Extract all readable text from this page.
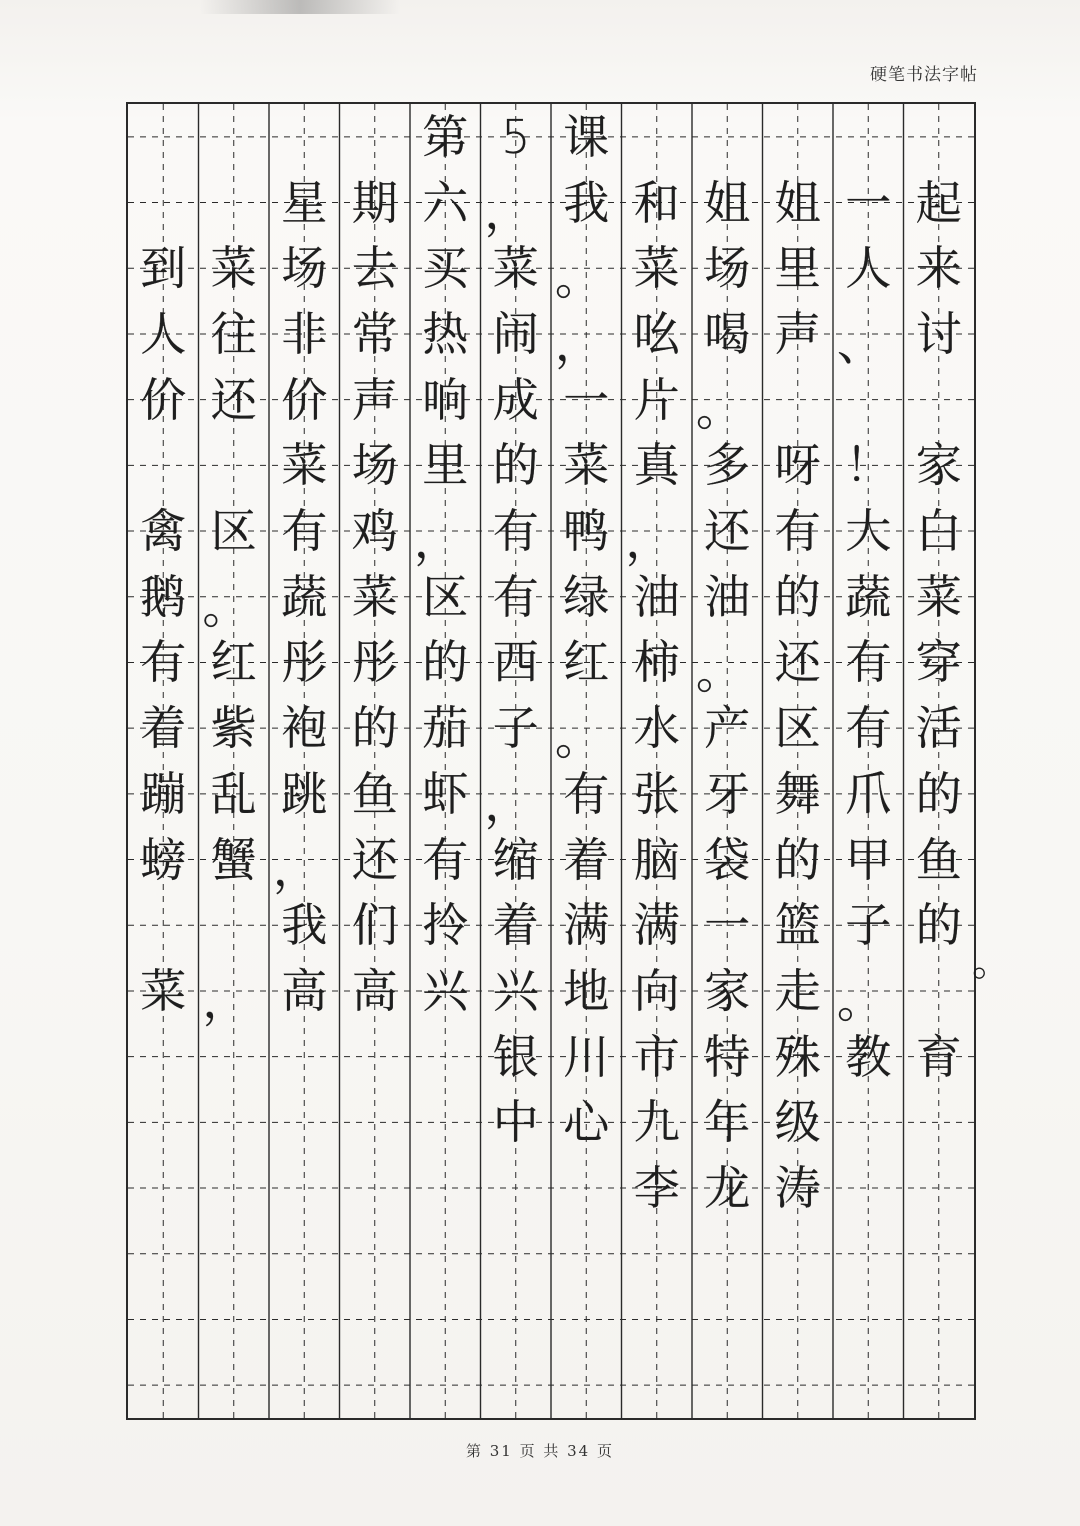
硬笔书法字帖
第 5 课
星 期 六 ， 我 和 姐 姐 一 起
到 菜 场 去 买 菜 。 菜 场 里 人 来
人 往 非 常 热 闹 ， 吆 喝 声 、 讨
价 还 价 声 响 成 一 片 。
菜 场 里 的 菜 真 多 呀 ！ 家
禽 区 有 鸡 ， 有 鸭 ， 还 有 大 白
鹅 。 蔬 菜 区 有 绿 油 油 的 蔬 菜
有 红 彤 彤 的 西 红 柿 。 还 有 穿
着 紫 袍 的 茄 子 。 水 产 区 有 活
蹦 乱 跳 鱼 虾 ， 有 张 牙 舞 爪 的
螃 蟹 ， 还 有 缩 着 脑 袋 的 甲 鱼
我 们 拎 着 满 满 一 篮 子 的
菜 ， 高 高 兴 兴 地 向 家 走 。
银 川 市 特 殊 教 育
中 心 九 年 级
李 龙 涛
。
第 31 页 共 34 页
